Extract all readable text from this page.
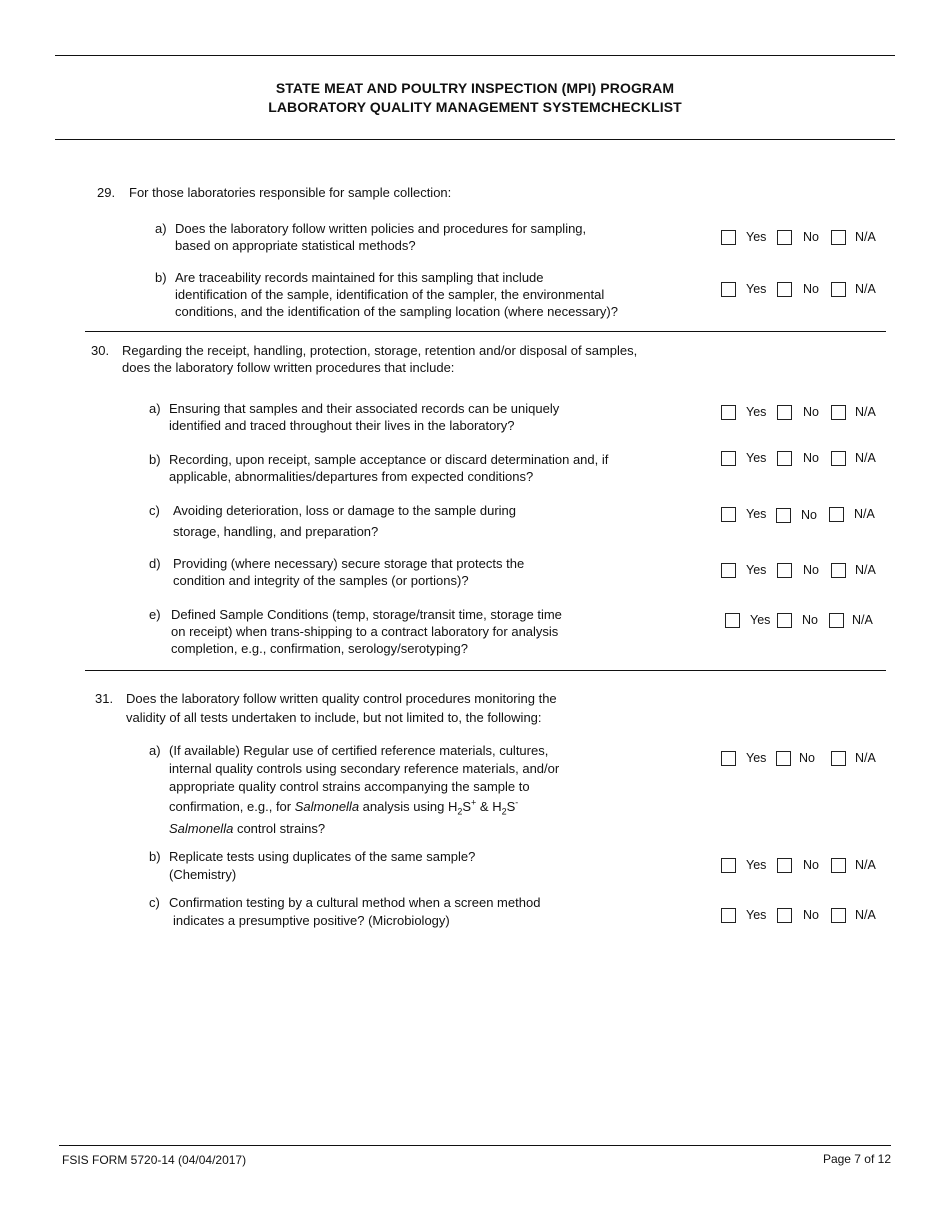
STATE MEAT AND POULTRY INSPECTION (MPI) PROGRAM
LABORATORY QUALITY MANAGEMENT SYSTEMCHECKLIST
29. For those laboratories responsible for sample collection:
a) Does the laboratory follow written policies and procedures for sampling,
based on appropriate statistical methods?
Yes	No	N/A
b) Are traceability records maintained for this sampling that include
identification of the sample, identification of the sampler, the environmental
conditions, and the identification of the sampling location (where necessary)?
Yes	No	N/A
30. Regarding the receipt, handling, protection, storage, retention and/or disposal of samples,
does the laboratory follow written procedures that include:
a) Ensuring that samples and their associated records can be uniquely
identified and traced throughout their lives in the laboratory?
Yes	No	N/A
b) Recording, upon receipt, sample acceptance or discard determination and, if
applicable, abnormalities/departures from expected conditions?
Yes	No	N/A
c) Avoiding deterioration, loss or damage to the sample during
storage, handling, and preparation?
Yes	No	N/A
d) Providing (where necessary) secure storage that protects the
condition and integrity of the samples (or portions)?
Yes	No	N/A
e) Defined Sample Conditions (temp, storage/transit time, storage time
on receipt) when trans-shipping to a contract laboratory for analysis
completion, e.g., confirmation, serology/serotyping?
Yes	No	N/A
31. Does the laboratory follow written quality control procedures monitoring the
validity of all tests undertaken to include, but not limited to, the following:
a) (If available) Regular use of certified reference materials, cultures,
internal quality controls using secondary reference materials, and/or
appropriate quality control strains accompanying the sample to
confirmation, e.g., for Salmonella analysis using $H_2S^+$ & $H_2S^-$
Salmonella control strains?
Yes	No	N/A
b) Replicate tests using duplicates of the same sample?
(Chemistry)
Yes	No	N/A
c) Confirmation testing by a cultural method when a screen method
indicates a presumptive positive? (Microbiology)	Yes	No	N/A
FSIS FORM 5720-14 (04/04/2017)	Page 7 of 12
